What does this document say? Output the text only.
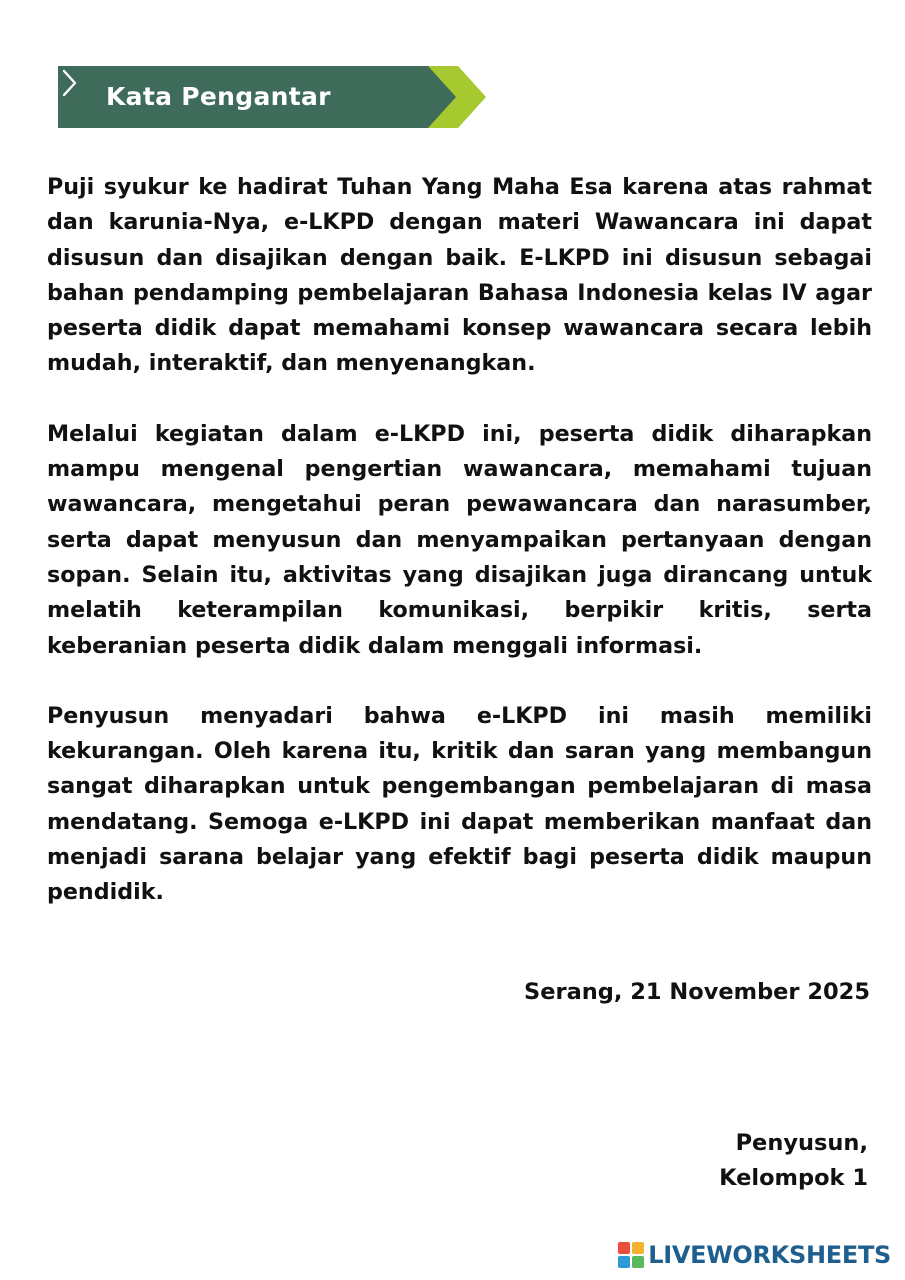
Kata Pengantar

Puji syukur ke hadirat Tuhan Yang Maha Esa karena atas rahmat dan karunia-Nya, e-LKPD dengan materi Wawancara ini dapat disusun dan disajikan dengan baik. E-LKPD ini disusun sebagai bahan pendamping pembelajaran Bahasa Indonesia kelas IV agar peserta didik dapat memahami konsep wawancara secara lebih mudah, interaktif, dan menyenangkan.

Melalui kegiatan dalam e-LKPD ini, peserta didik diharapkan mampu mengenal pengertian wawancara, memahami tujuan wawancara, mengetahui peran pewawancara dan narasumber, serta dapat menyusun dan menyampaikan pertanyaan dengan sopan. Selain itu, aktivitas yang disajikan juga dirancang untuk melatih keterampilan komunikasi, berpikir kritis, serta keberanian peserta didik dalam menggali informasi.

Penyusun menyadari bahwa e-LKPD ini masih memiliki kekurangan. Oleh karena itu, kritik dan saran yang membangun sangat diharapkan untuk pengembangan pembelajaran di masa mendatang. Semoga e-LKPD ini dapat memberikan manfaat dan menjadi sarana belajar yang efektif bagi peserta didik maupun pendidik.

Serang, 21 November 2025
Penyusun,
Kelompok 1
LIVEWORKSHEETS
